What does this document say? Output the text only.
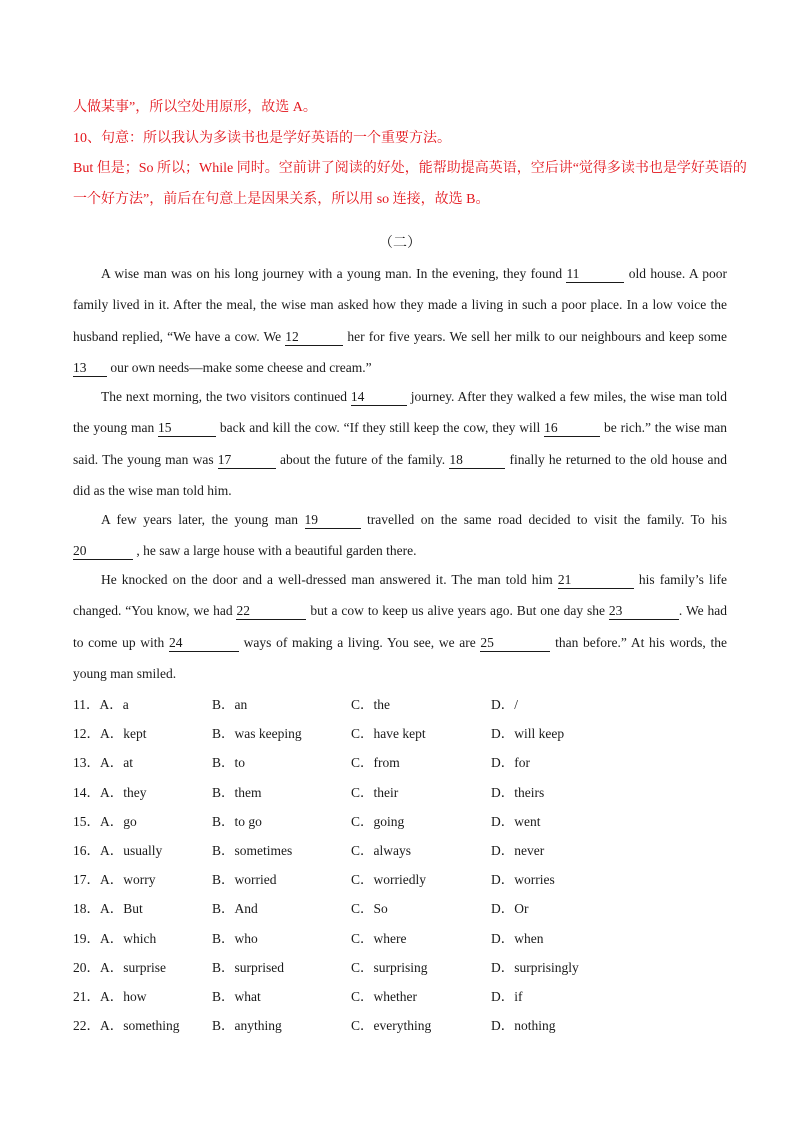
人做某事”，所以空处用原形，故选 A。
10、句意：所以我认为多读书也是学好英语的一个重要方法。
But 但是；So 所以；While 同时。空前讲了阅读的好处，能帮助提高英语，空后讲“觉得多读书也是学好英语的
一个好方法”，前后在句意上是因果关系，所以用 so 连接，故选 B。
（二）
A wise man was on his long journey with a young man. In the evening, they found 11	old house. A poor family lived in it. After the meal, the wise man asked how they made a living in such a poor place. In a low voice the husband replied, “We have a cow. We 12	her for five years. We sell her milk to our neighbours and keep some 13 our own needs—make some cheese and cream.”
The next morning, the two visitors continued 14	journey. After they walked a few miles, the wise man told the young man 15	back and kill the cow. “If they still keep the cow, they will 16	be rich.” the wise man said. The young man was 17	about the future of the family. 18	finally he returned to the old house and did as the wise man told him.
A few years later, the young man 19	travelled on the same road decided to visit the family. To his 20	, he saw a large house with a beautiful garden there.
He knocked on the door and a well-dressed man answered it. The man told him 21	his family’s life changed. “You know, we had 22	but a cow to keep us alive years ago. But one day she 23	. We had to come up with 24	ways of making a living. You see, we are 25	than before.” At his words, the young man smiled.
11．A．a	B．an	C．the	D．/
12．A．kept	B．was keeping	C．have kept	D．will keep
13．A．at	B．to	C．from	D．for
14．A．they	B．them	C．their	D．theirs
15．A．go	B．to go	C．going	D．went
16．A．usually	B．sometimes	C．always	D．never
17．A．worry	B．worried	C．worriedly	D．worries
18．A．But	B．And	C．So	D．Or
19．A．which	B．who	C．where	D．when
20．A．surprise	B．surprised	C．surprising	D．surprisingly
21．A．how	B．what	C．whether	D．if
22．A．something B．anything	C．everything	D．nothing
